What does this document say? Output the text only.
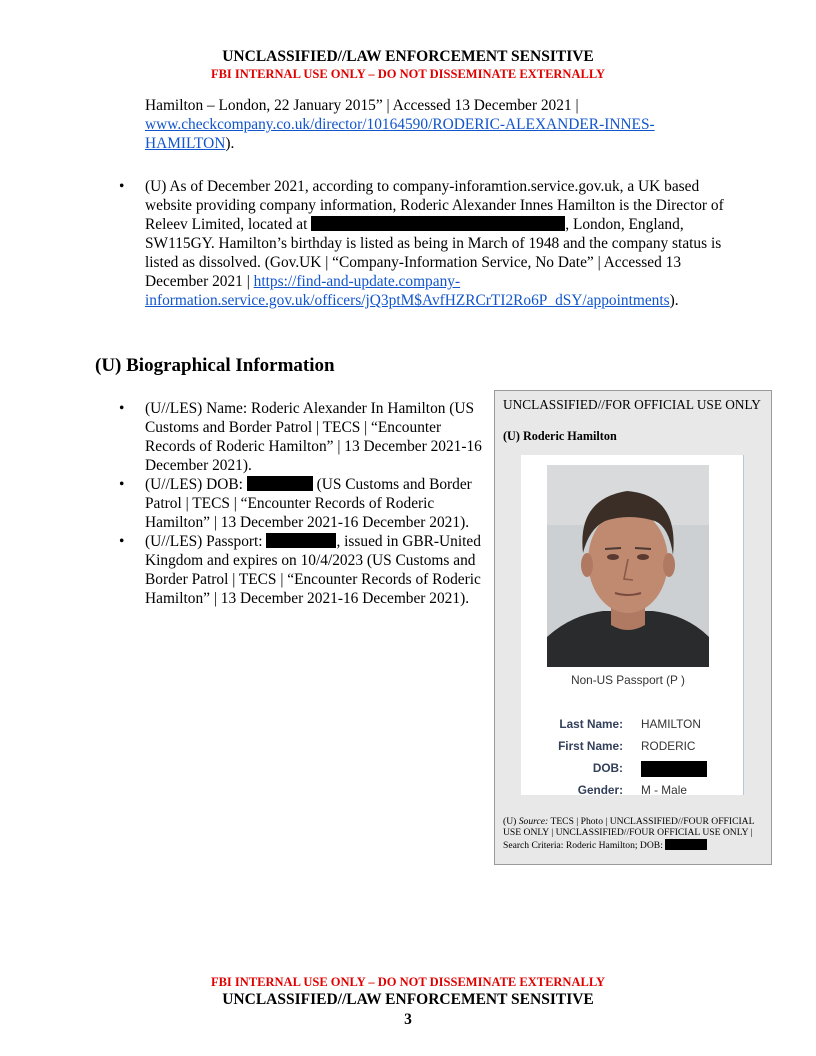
UNCLASSIFIED//LAW ENFORCEMENT SENSITIVE
FBI INTERNAL USE ONLY – DO NOT DISSEMINATE EXTERNALLY
Hamilton – London, 22 January 2015” | Accessed 13 December 2021 | www.checkcompany.co.uk/director/10164590/RODERIC-ALEXANDER-INNES-HAMILTON).
• (U) As of December 2021, according to company-inforamtion.service.gov.uk, a UK based website providing company information, Roderic Alexander Innes Hamilton is the Director of Releev Limited, located at	, London, England, SW115GY. Hamilton’s birthday is listed as being in March of 1948 and the company status is listed as dissolved. (Gov.UK | “Company-Information Service, No Date” | Accessed 13 December 2021 | https://find-and-update.company-information.service.gov.uk/officers/jQ3ptM$AvfHZRCrTI2Ro6P_dSY/appointments).
(U) Biographical Information
• (U//LES) Name: Roderic Alexander In Hamilton (US Customs and Border Patrol | TECS | “Encounter Records of Roderic Hamilton” | 13 December 2021-16 December 2021).
• (U//LES) DOB:	(US Customs and Border Patrol | TECS | “Encounter Records of Roderic Hamilton” | 13 December 2021-16 December 2021).
• (U//LES) Passport:	, issued in GBR-United Kingdom and expires on 10/4/2023 (US Customs and Border Patrol | TECS | “Encounter Records of Roderic Hamilton” | 13 December 2021-16 December 2021).
UNCLASSIFIED//FOR OFFICIAL USE ONLY
(U) Roderic Hamilton
Non-US Passport (P )
Last Name: HAMILTON
First Name: RODERIC
DOB:
Gender: M - Male
(U) Source: TECS | Photo | UNCLASSIFIED//FOUR OFFICIAL USE ONLY | UNCLASSIFIED//FOUR OFFICIAL USE ONLY | Search Criteria: Roderic Hamilton; DOB:
FBI INTERNAL USE ONLY – DO NOT DISSEMINATE EXTERNALLY
UNCLASSIFIED//LAW ENFORCEMENT SENSITIVE
3
